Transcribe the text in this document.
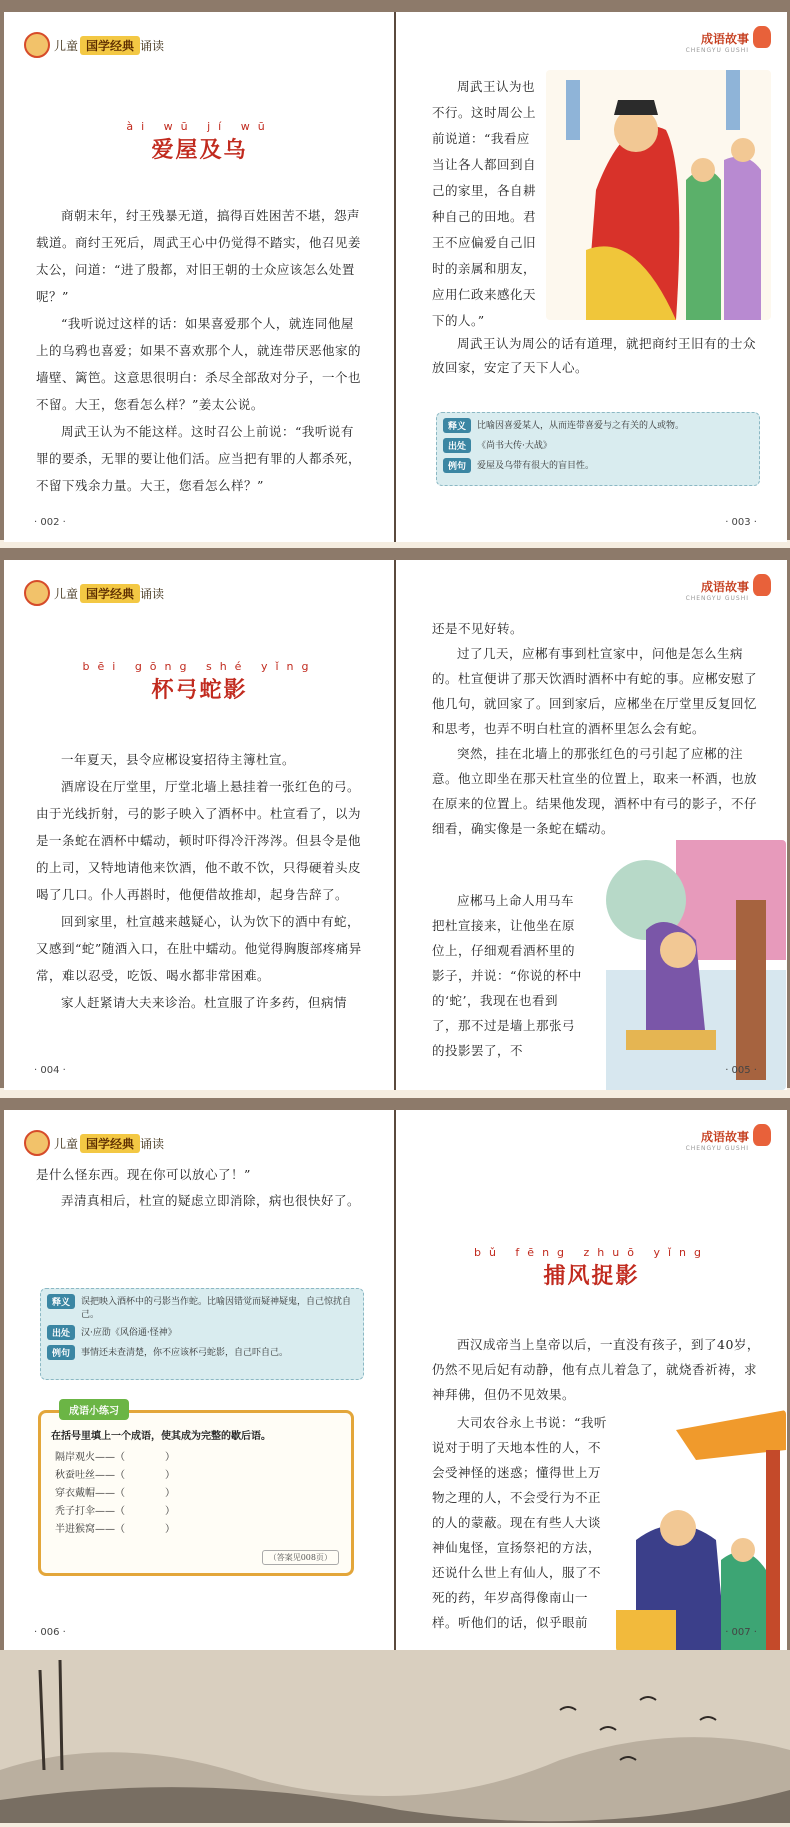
儿童 国学经典 诵读
ài wū jí wū
爱屋及乌

商朝末年，纣王残暴无道，搞得百姓困苦不堪，怨声载道。商纣王死后，周武王心中仍觉得不踏实，他召见姜太公，问道：“进了殷都，对旧王朝的士众应该怎么处置呢？”

“我听说过这样的话：如果喜爱那个人，就连同他屋上的乌鸦也喜爱；如果不喜欢那个人，就连带厌恶他家的墙壁、篱笆。这意思很明白：杀尽全部敌对分子，一个也不留。大王，您看怎么样？”姜太公说。

周武王认为不能这样。这时召公上前说：“我听说有罪的要杀，无罪的要让他们活。应当把有罪的人都杀死，不留下残余力量。大王，您看怎么样？”

· 002 ·
成语故事
CHENGYU GUSHI

周武王认为也不行。这时周公上前说道：“我看应当让各人都回到自己的家里，各自耕种自己的田地。君王不应偏爱自己旧时的亲属和朋友，应用仁政来感化天下的人。”

周武王认为周公的话有道理，就把商纣王旧有的士众放回家，安定了天下人心。

释义	比喻因喜爱某人，从而连带喜爱与之有关的人或物。
出处	《尚书大传·大战》
例句	爱屋及乌带有很大的盲目性。
· 003 ·
儿童 国学经典 诵读
bēi gōng shé yǐng
杯弓蛇影

一年夏天，县令应郴设宴招待主簿杜宣。

酒席设在厅堂里，厅堂北墙上悬挂着一张红色的弓。由于光线折射，弓的影子映入了酒杯中。杜宣看了，以为是一条蛇在酒杯中蠕动，顿时吓得冷汗涔涔。但县令是他的上司，又特地请他来饮酒，他不敢不饮，只得硬着头皮喝了几口。仆人再斟时，他便借故推却，起身告辞了。

回到家里，杜宣越来越疑心，认为饮下的酒中有蛇，又感到“蛇”随酒入口，在肚中蠕动。他觉得胸腹部疼痛异常，难以忍受，吃饭、喝水都非常困难。

家人赶紧请大夫来诊治。杜宣服了许多药，但病情

· 004 ·
成语故事
CHENGYU GUSHI

还是不见好转。

过了几天，应郴有事到杜宣家中，问他是怎么生病的。杜宣便讲了那天饮酒时酒杯中有蛇的事。应郴安慰了他几句，就回家了。回到家后，应郴坐在厅堂里反复回忆和思考，也弄不明白杜宣的酒杯里怎么会有蛇。

突然，挂在北墙上的那张红色的弓引起了应郴的注意。他立即坐在那天杜宣坐的位置上，取来一杯酒，也放在原来的位置上。结果他发现，酒杯中有弓的影子，不仔细看，确实像是一条蛇在蠕动。

应郴马上命人用马车把杜宣接来，让他坐在原位上，仔细观看酒杯里的影子，并说：“你说的杯中的‘蛇’，我现在也看到了，那不过是墙上那张弓的投影罢了，不

· 005 ·
儿童 国学经典 诵读

是什么怪东西。现在你可以放心了！”

弄清真相后，杜宣的疑虑立即消除，病也很快好了。

释义	误把映入酒杯中的弓影当作蛇。比喻因错觉而疑神疑鬼，自己惊扰自己。
出处	汉·应劭《风俗通·怪神》
例句	事情还未查清楚，你不应该杯弓蛇影，自己吓自己。
成语小练习
在括号里填上一个成语，使其成为完整的歇后语。
隔岸观火——（　　　　）
秋蚕吐丝——（　　　　）
穿衣戴帽——（　　　　）
秃子打伞——（　　　　）
半进猴窝——（　　　　）
（答案见008页）
· 006 ·
成语故事
CHENGYU GUSHI
bǔ fēng zhuō yǐng
捕风捉影

西汉成帝当上皇帝以后，一直没有孩子，到了40岁，仍然不见后妃有动静，他有点儿着急了，就烧香祈祷，求神拜佛，但仍不见效果。

大司农谷永上书说：“我听说对于明了天地本性的人，不会受神怪的迷惑；懂得世上万物之理的人，不会受行为不正的人的蒙蔽。现在有些人大谈神仙鬼怪，宣扬祭祀的方法，还说什么世上有仙人，服了不死的药，年岁高得像南山一样。听他们的话，似乎眼前

· 007 ·
